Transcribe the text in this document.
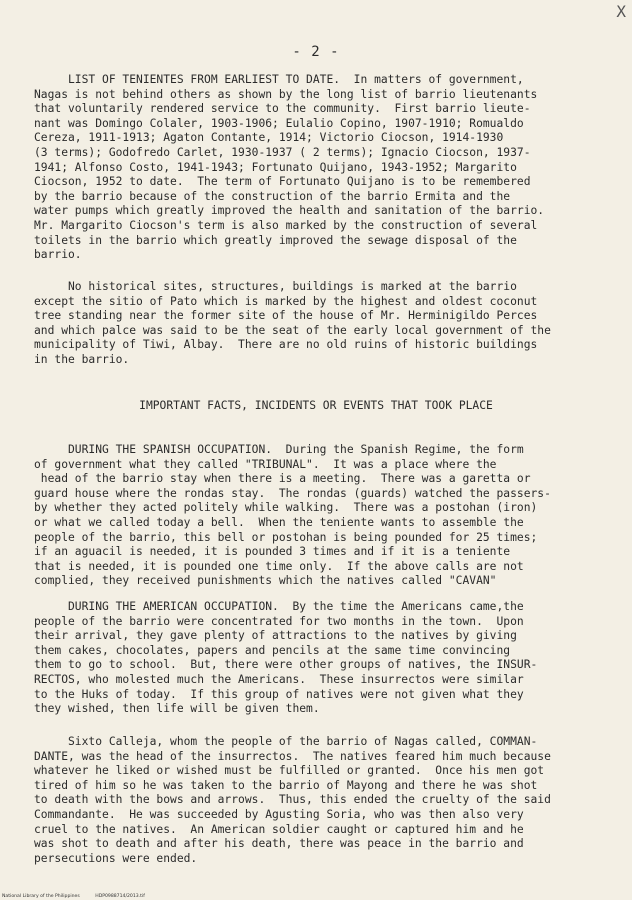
X
- 2 -

LIST OF TENIENTES FROM EARLIEST TO DATE.  In matters of government,
Nagas is not behind others as shown by the long list of barrio lieutenants
that voluntarily rendered service to the community.  First barrio lieute-
nant was Domingo Colaler, 1903-1906; Eulalio Copino, 1907-1910; Romualdo
Cereza, 1911-1913; Agaton Contante, 1914; Victorio Ciocson, 1914-1930
(3 terms); Godofredo Carlet, 1930-1937 ( 2 terms); Ignacio Ciocson, 1937-
1941; Alfonso Costo, 1941-1943; Fortunato Quijano, 1943-1952; Margarito
Ciocson, 1952 to date.  The term of Fortunato Quijano is to be remembered
by the barrio because of the construction of the barrio Ermita and the
water pumps which greatly improved the health and sanitation of the barrio.
Mr. Margarito Ciocson's term is also marked by the construction of several
toilets in the barrio which greatly improved the sewage disposal of the
barrio.

No historical sites, structures, buildings is marked at the barrio
except the sitio of Pato which is marked by the highest and oldest coconut
tree standing near the former site of the house of Mr. Herminigildo Perces
and which palce was said to be the seat of the early local government of the
municipality of Tiwi, Albay.  There are no old ruins of historic buildings
in the barrio.

IMPORTANT FACTS, INCIDENTS OR EVENTS THAT TOOK PLACE

DURING THE SPANISH OCCUPATION.  During the Spanish Regime, the form
of government what they called "TRIBUNAL".  It was a place where the
head of the barrio stay when there is a meeting.  There was a garetta or
guard house where the rondas stay.  The rondas (guards) watched the passers-
by whether they acted politely while walking.  There was a postohan (iron)
or what we called today a bell.  When the teniente wants to assemble the
people of the barrio, this bell or postohan is being pounded for 25 times;
if an aguacil is needed, it is pounded 3 times and if it is a teniente
that is needed, it is pounded one time only.  If the above calls are not
complied, they received punishments which the natives called "CAVAN"

DURING THE AMERICAN OCCUPATION.  By the time the Americans came,the
people of the barrio were concentrated for two months in the town.  Upon
their arrival, they gave plenty of attractions to the natives by giving
them cakes, chocolates, papers and pencils at the same time convincing
them to go to school.  But, there were other groups of natives, the INSUR-
RECTOS, who molested much the Americans.  These insurrectos were similar
to the Huks of today.  If this group of natives were not given what they
they wished, then life will be given them.

Sixto Calleja, whom the people of the barrio of Nagas called, COMMAN-
DANTE, was the head of the insurrectos.  The natives feared him much because
whatever he liked or wished must be fulfilled or granted.  Once his men got
tired of him so he was taken to the barrio of Mayong and there he was shot
to death with the bows and arrows.  Thus, this ended the cruelty of the said
Commandante.  He was succeeded by Agusting Soria, who was then also very
cruel to the natives.  An American soldier caught or captured him and he
was shot to death and after his death, there was peace in the barrio and
persecutions were ended.

National Library of the Philippines	HDP0988714/2013.tif
